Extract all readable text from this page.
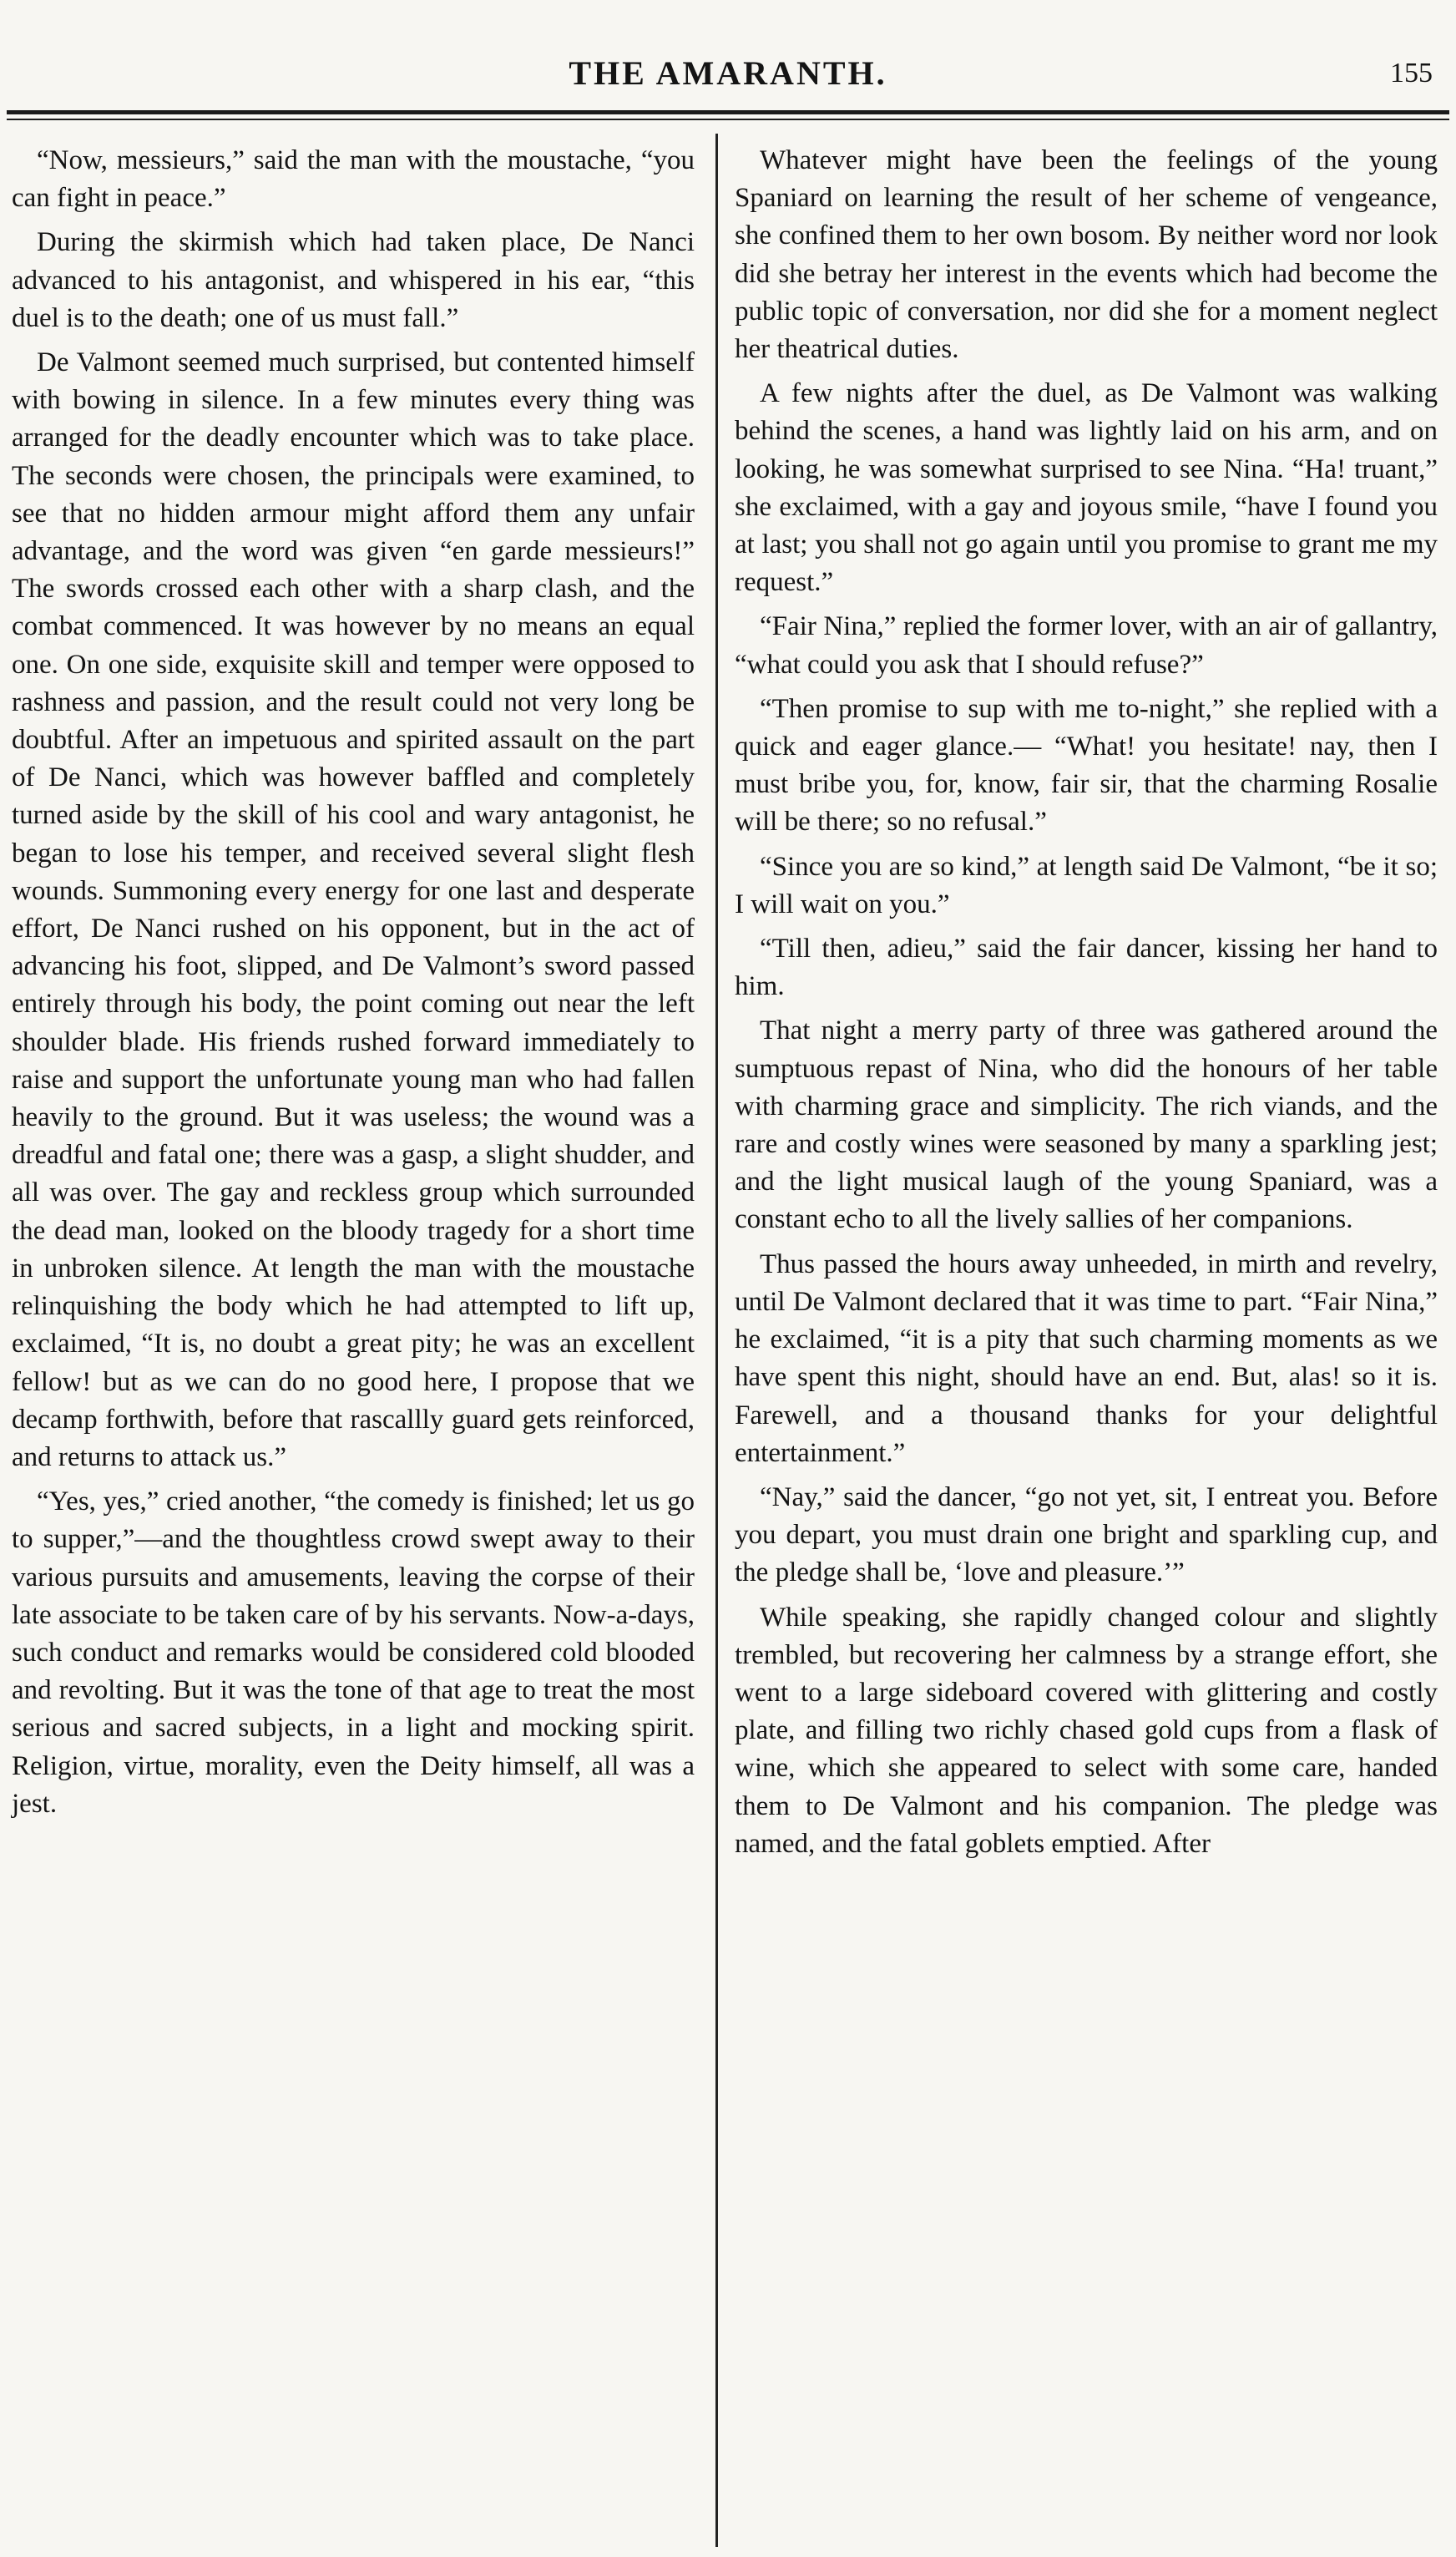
THE AMARANTH.	155

“Now, messieurs,” said the man with the moustache, “you can fight in peace.”

During the skirmish which had taken place, De Nanci advanced to his antagonist, and whispered in his ear, “this duel is to the death; one of us must fall.”

De Valmont seemed much surprised, but contented himself with bowing in silence. In a few minutes every thing was arranged for the deadly encounter which was to take place. The seconds were chosen, the principals were examined, to see that no hidden armour might afford them any unfair advantage, and the word was given “en garde messieurs!” The swords crossed each other with a sharp clash, and the combat commenced. It was however by no means an equal one. On one side, exquisite skill and temper were opposed to rashness and passion, and the result could not very long be doubtful. After an impetuous and spirited assault on the part of De Nanci, which was however baffled and completely turned aside by the skill of his cool and wary antagonist, he began to lose his temper, and received several slight flesh wounds. Summoning every energy for one last and desperate effort, De Nanci rushed on his opponent, but in the act of advancing his foot, slipped, and De Valmont’s sword passed entirely through his body, the point coming out near the left shoulder blade. His friends rushed forward immediately to raise and support the unfortunate young man who had fallen heavily to the ground. But it was useless; the wound was a dreadful and fatal one; there was a gasp, a slight shudder, and all was over. The gay and reckless group which surrounded the dead man, looked on the bloody tragedy for a short time in unbroken silence. At length the man with the moustache relinquishing the body which he had attempted to lift up, exclaimed, “It is, no doubt a great pity; he was an excellent fellow! but as we can do no good here, I propose that we decamp forthwith, before that rascallly guard gets reinforced, and returns to attack us.”

“Yes, yes,” cried another, “the comedy is finished; let us go to supper,”—and the thoughtless crowd swept away to their various pursuits and amusements, leaving the corpse of their late associate to be taken care of by his servants. Now-a-days, such conduct and remarks would be considered cold blooded and revolting. But it was the tone of that age to treat the most serious and sacred subjects, in a light and mocking spirit. Religion, virtue, morality, even the Deity himself, all was a jest.

Whatever might have been the feelings of the young Spaniard on learning the result of her scheme of vengeance, she confined them to her own bosom. By neither word nor look did she betray her interest in the events which had become the public topic of conversation, nor did she for a moment neglect her theatrical duties.

A few nights after the duel, as De Valmont was walking behind the scenes, a hand was lightly laid on his arm, and on looking, he was somewhat surprised to see Nina. “Ha! truant,” she exclaimed, with a gay and joyous smile, “have I found you at last; you shall not go again until you promise to grant me my request.”

“Fair Nina,” replied the former lover, with an air of gallantry, “what could you ask that I should refuse?”

“Then promise to sup with me to-night,” she replied with a quick and eager glance.— “What! you hesitate! nay, then I must bribe you, for, know, fair sir, that the charming Rosalie will be there; so no refusal.”

“Since you are so kind,” at length said De Valmont, “be it so; I will wait on you.”

“Till then, adieu,” said the fair dancer, kissing her hand to him.

That night a merry party of three was gathered around the sumptuous repast of Nina, who did the honours of her table with charming grace and simplicity. The rich viands, and the rare and costly wines were seasoned by many a sparkling jest; and the light musical laugh of the young Spaniard, was a constant echo to all the lively sallies of her companions.

Thus passed the hours away unheeded, in mirth and revelry, until De Valmont declared that it was time to part. “Fair Nina,” he exclaimed, “it is a pity that such charming moments as we have spent this night, should have an end. But, alas! so it is. Farewell, and a thousand thanks for your delightful entertainment.”

“Nay,” said the dancer, “go not yet, sit, I entreat you. Before you depart, you must drain one bright and sparkling cup, and the pledge shall be, ‘love and pleasure.’”

While speaking, she rapidly changed colour and slightly trembled, but recovering her calmness by a strange effort, she went to a large sideboard covered with glittering and costly plate, and filling two richly chased gold cups from a flask of wine, which she appeared to select with some care, handed them to De Valmont and his companion. The pledge was named, and the fatal goblets emptied. After
